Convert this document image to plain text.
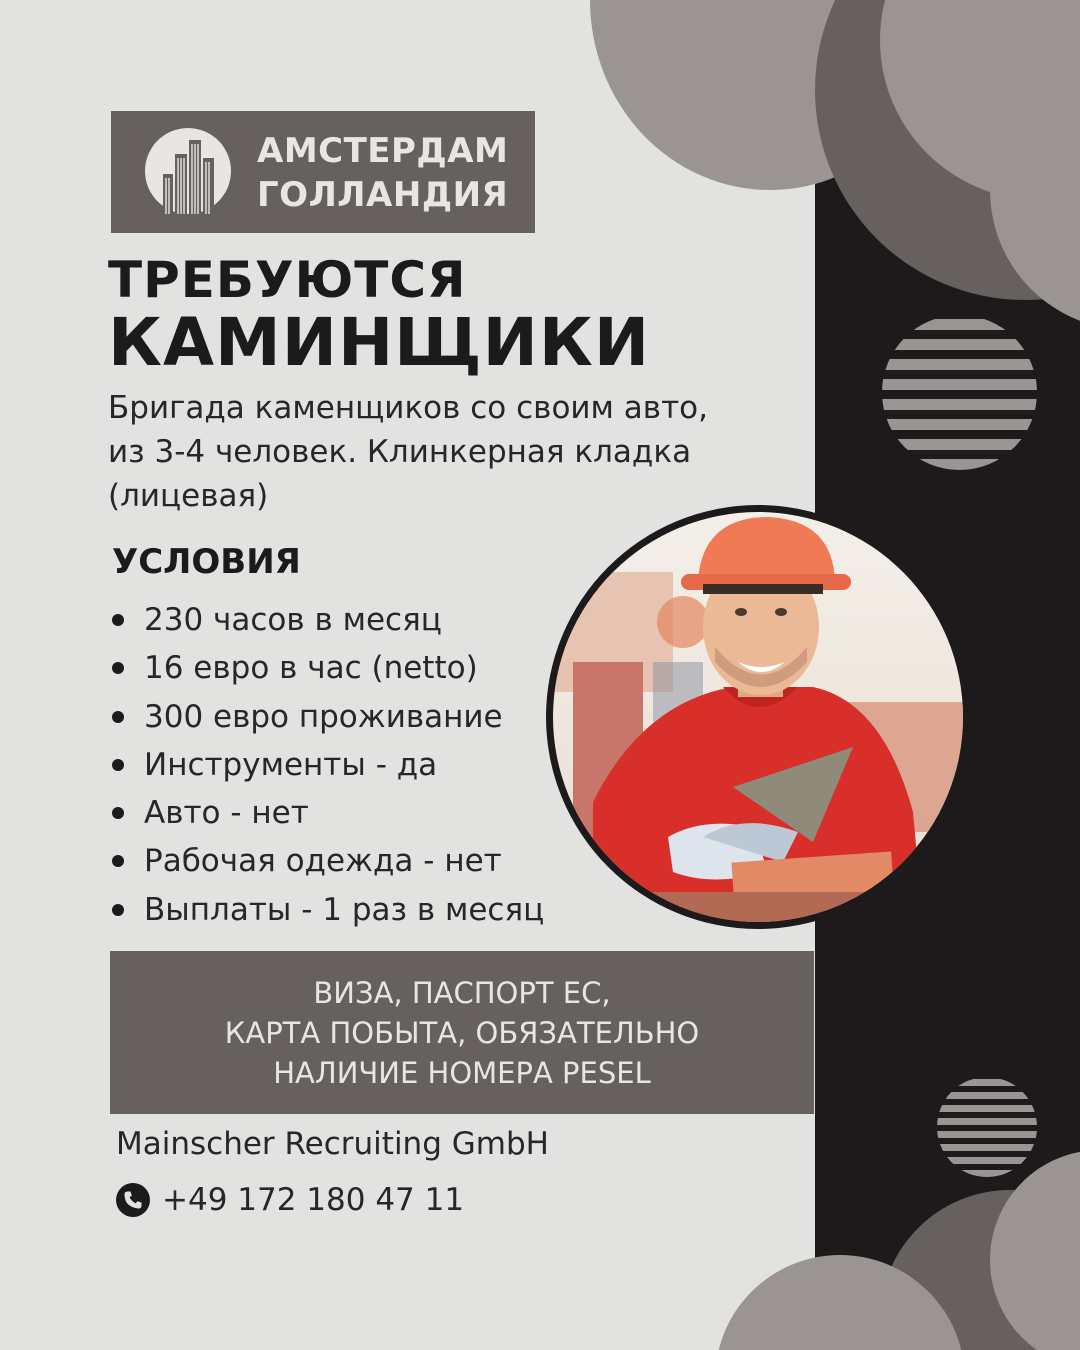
АМСТЕРДАМ
ГОЛЛАНДИЯ
ТРЕБУЮТСЯ
КАМИНЩИКИ
Бригада каменщиков со своим авто,
из 3-4 человек. Клинкерная кладка
(лицевая)
УСЛОВИЯ
230 часов в месяц
16 евро в час (netto)
300 евро проживание
Инструменты - да
Авто - нет
Рабочая одежда - нет
Выплаты - 1 раз в месяц
ВИЗА, ПАСПОРТ ЕС,
КАРТА ПОБЫТА, ОБЯЗАТЕЛЬНО
НАЛИЧИЕ НОМЕРА PESEL
Mainscher Recruiting GmbH
+49 172 180 47 11
